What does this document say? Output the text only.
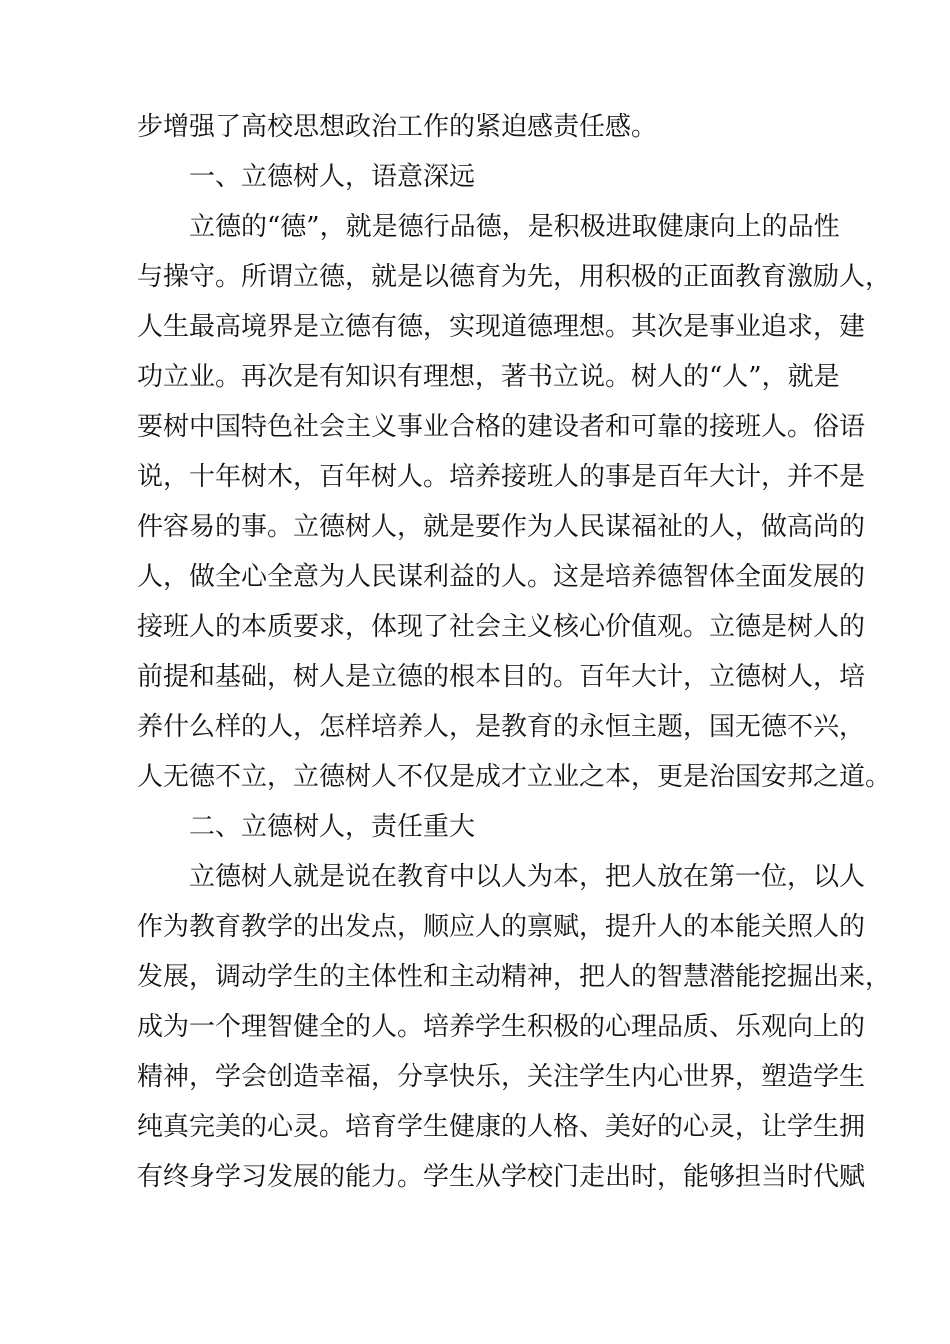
步增强了高校思想政治工作的紧迫感责任感。
一、立德树人，语意深远
立德的“德”，就是德行品德，是积极进取健康向上的品性
与操守。所谓立德，就是以德育为先，用积极的正面教育激励人，
人生最高境界是立德有德，实现道德理想。其次是事业追求，建
功立业。再次是有知识有理想，著书立说。树人的“人”，就是
要树中国特色社会主义事业合格的建设者和可靠的接班人。俗语
说，十年树木，百年树人。培养接班人的事是百年大计，并不是
件容易的事。立德树人，就是要作为人民谋福祉的人，做高尚的
人，做全心全意为人民谋利益的人。这是培养德智体全面发展的
接班人的本质要求，体现了社会主义核心价值观。立德是树人的
前提和基础，树人是立德的根本目的。百年大计，立德树人，培
养什么样的人，怎样培养人，是教育的永恒主题，国无德不兴，
人无德不立，立德树人不仅是成才立业之本，更是治国安邦之道。
二、立德树人，责任重大
立德树人就是说在教育中以人为本，把人放在第一位，以人
作为教育教学的出发点，顺应人的禀赋，提升人的本能关照人的
发展，调动学生的主体性和主动精神，把人的智慧潜能挖掘出来，
成为一个理智健全的人。培养学生积极的心理品质、乐观向上的
精神，学会创造幸福，分享快乐，关注学生内心世界，塑造学生
纯真完美的心灵。培育学生健康的人格、美好的心灵，让学生拥
有终身学习发展的能力。学生从学校门走出时，能够担当时代赋
